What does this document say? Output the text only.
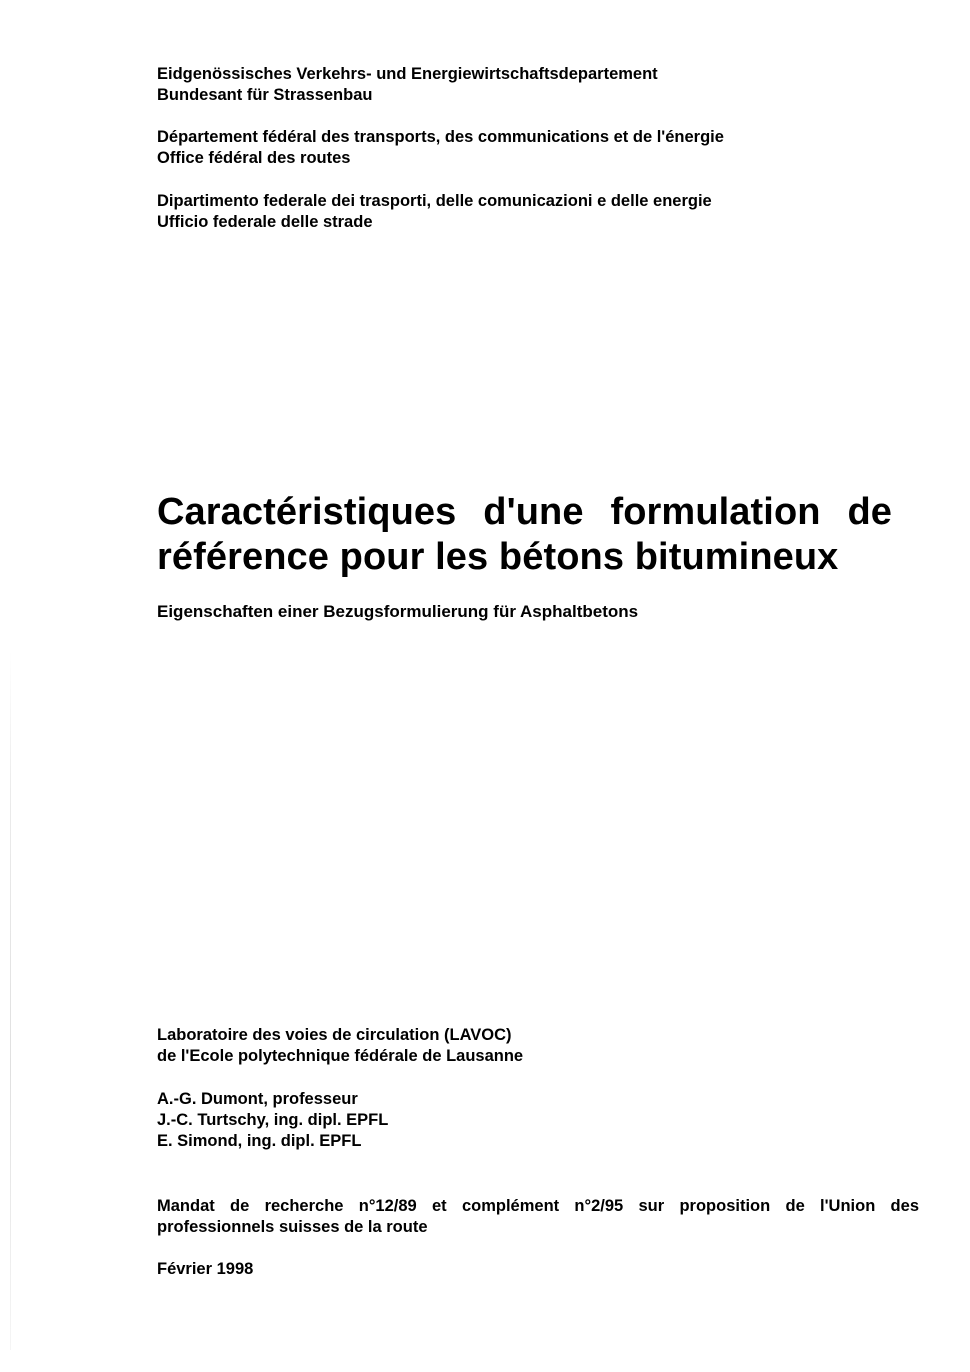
Eidgenössisches Verkehrs- und Energiewirtschaftsdepartement
Bundesant für Strassenbau
Département fédéral des transports, des communications et de l'énergie
Office fédéral des routes
Dipartimento federale dei trasporti, delle comunicazioni e delle energie
Ufficio federale delle strade
Caractéristiques d'une formulation de
référence pour les bétons bitumineux
Eigenschaften einer Bezugsformulierung für Asphaltbetons
Laboratoire des voies de circulation (LAVOC)
de l'Ecole polytechnique fédérale de Lausanne
A.-G. Dumont, professeur
J.-C. Turtschy, ing. dipl. EPFL
E. Simond, ing. dipl. EPFL
Mandat de recherche n°12/89 et complément n°2/95 sur proposition de l'Union des
professionnels suisses de la route
Février 1998
